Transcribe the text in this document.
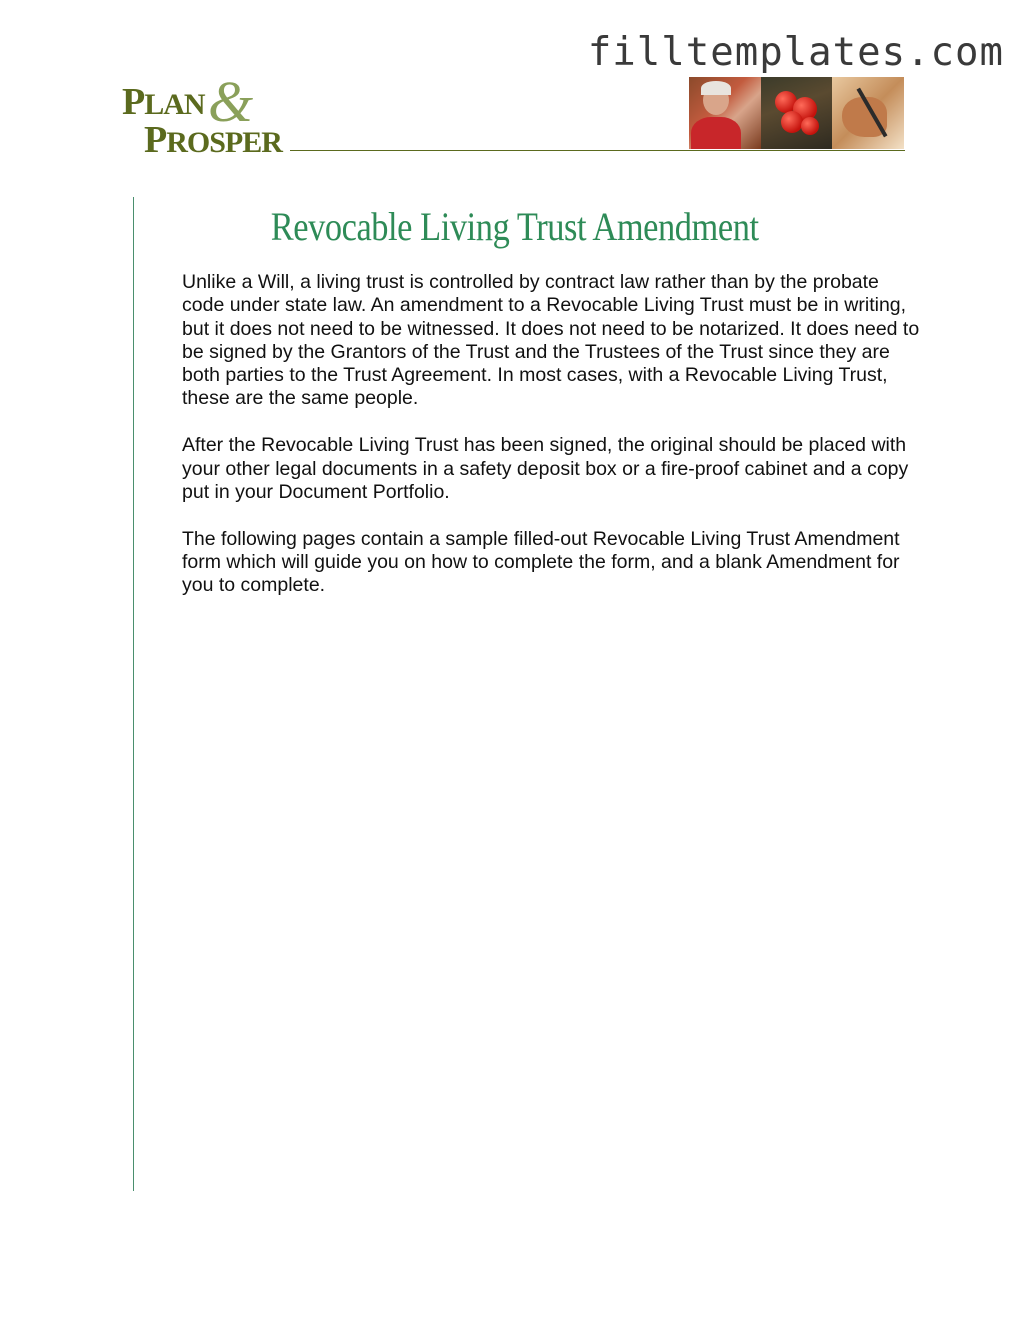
filltemplates.com
PLAN &
PROSPER
Revocable Living Trust Amendment

Unlike a Will, a living trust is controlled by contract law rather than by the probate code under state law. An amendment to a Revocable Living Trust must be in writing, but it does not need to be witnessed. It does not need to be notarized. It does need to be signed by the Grantors of the Trust and the Trustees of the Trust since they are both parties to the Trust Agreement. In most cases, with a Revocable Living Trust, these are the same people.

After the Revocable Living Trust has been signed, the original should be placed with your other legal documents in a safety deposit box or a fire-proof cabinet and a copy put in your Document Portfolio.

The following pages contain a sample filled-out Revocable Living Trust Amendment form which will guide you on how to complete the form, and a blank Amendment for you to complete.
